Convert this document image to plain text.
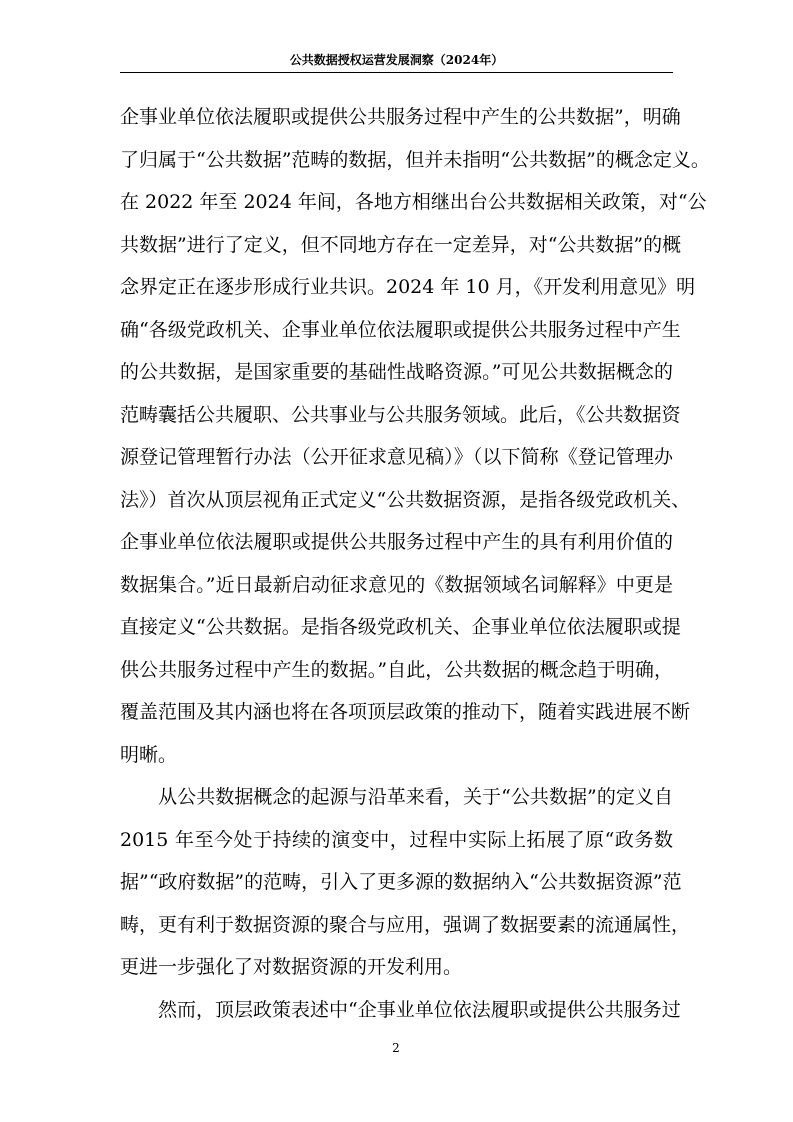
公共数据授权运营发展洞察（2024年）
企事业单位依法履职或提供公共服务过程中产生的公共数据”，明确
了归属于“公共数据”范畴的数据，但并未指明“公共数据”的概念定义。
在 2022 年至 2024 年间，各地方相继出台公共数据相关政策，对“公
共数据”进行了定义，但不同地方存在一定差异，对“公共数据”的概
念界定正在逐步形成行业共识。2024 年 10 月，《开发利用意见》明
确“各级党政机关、企事业单位依法履职或提供公共服务过程中产生
的公共数据，是国家重要的基础性战略资源。”可见公共数据概念的
范畴囊括公共履职、公共事业与公共服务领域。此后，《公共数据资
源登记管理暂行办法（公开征求意见稿）》（以下简称《登记管理办
法》）首次从顶层视角正式定义“公共数据资源，是指各级党政机关、
企事业单位依法履职或提供公共服务过程中产生的具有利用价值的
数据集合。”近日最新启动征求意见的《数据领域名词解释》中更是
直接定义“公共数据。是指各级党政机关、企事业单位依法履职或提
供公共服务过程中产生的数据。”自此，公共数据的概念趋于明确，
覆盖范围及其内涵也将在各项顶层政策的推动下，随着实践进展不断
明晰。
　　从公共数据概念的起源与沿革来看，关于“公共数据”的定义自
2015 年至今处于持续的演变中，过程中实际上拓展了原“政务数
据”“政府数据”的范畴，引入了更多源的数据纳入“公共数据资源”范
畴，更有利于数据资源的聚合与应用，强调了数据要素的流通属性，
更进一步强化了对数据资源的开发利用。
　　然而，顶层政策表述中“企事业单位依法履职或提供公共服务过
2
